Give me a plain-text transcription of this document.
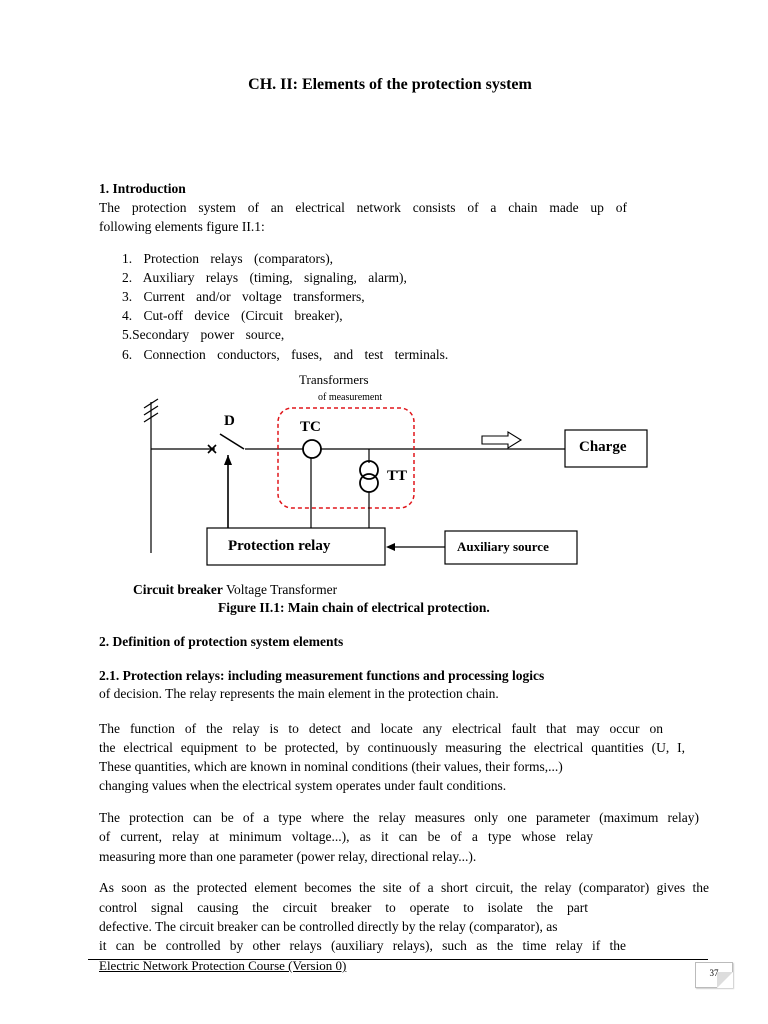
CH. II: Elements of the protection system
1. Introduction
The protection system of an electrical network consists of a chain made up of
following elements figure II.1:
1. Protection relays (comparators),
2. Auxiliary relays (timing, signaling, alarm),
3. Current and/or voltage transformers,
4. Cut-off device (Circuit breaker),
5.Secondary power source,
6. Connection conductors, fuses, and test terminals.
Transformers
of measurement
D	TC
TT
Charge
Protection relay	Auxiliary source
Circuit breaker Voltage Transformer
Figure II.1: Main chain of electrical protection.
2. Definition of protection system elements
2.1. Protection relays: including measurement functions and processing logics
of decision. The relay represents the main element in the protection chain.
The function of the relay is to detect and locate any electrical fault that may occur on
the electrical equipment to be protected, by continuously measuring the electrical quantities (U, I,
These quantities, which are known in nominal conditions (their values, their forms,...)
changing values when the electrical system operates under fault conditions.
The protection can be of a type where the relay measures only one parameter (maximum relay)
of current, relay at minimum voltage...), as it can be of a type whose relay
measuring more than one parameter (power relay, directional relay...).
As soon as the protected element becomes the site of a short circuit, the relay (comparator) gives the
control signal causing the circuit breaker to operate to isolate the part
defective. The circuit breaker can be controlled directly by the relay (comparator), as
it can be controlled by other relays (auxiliary relays), such as the time relay if the
Electric Network Protection Course (Version 0)	37
